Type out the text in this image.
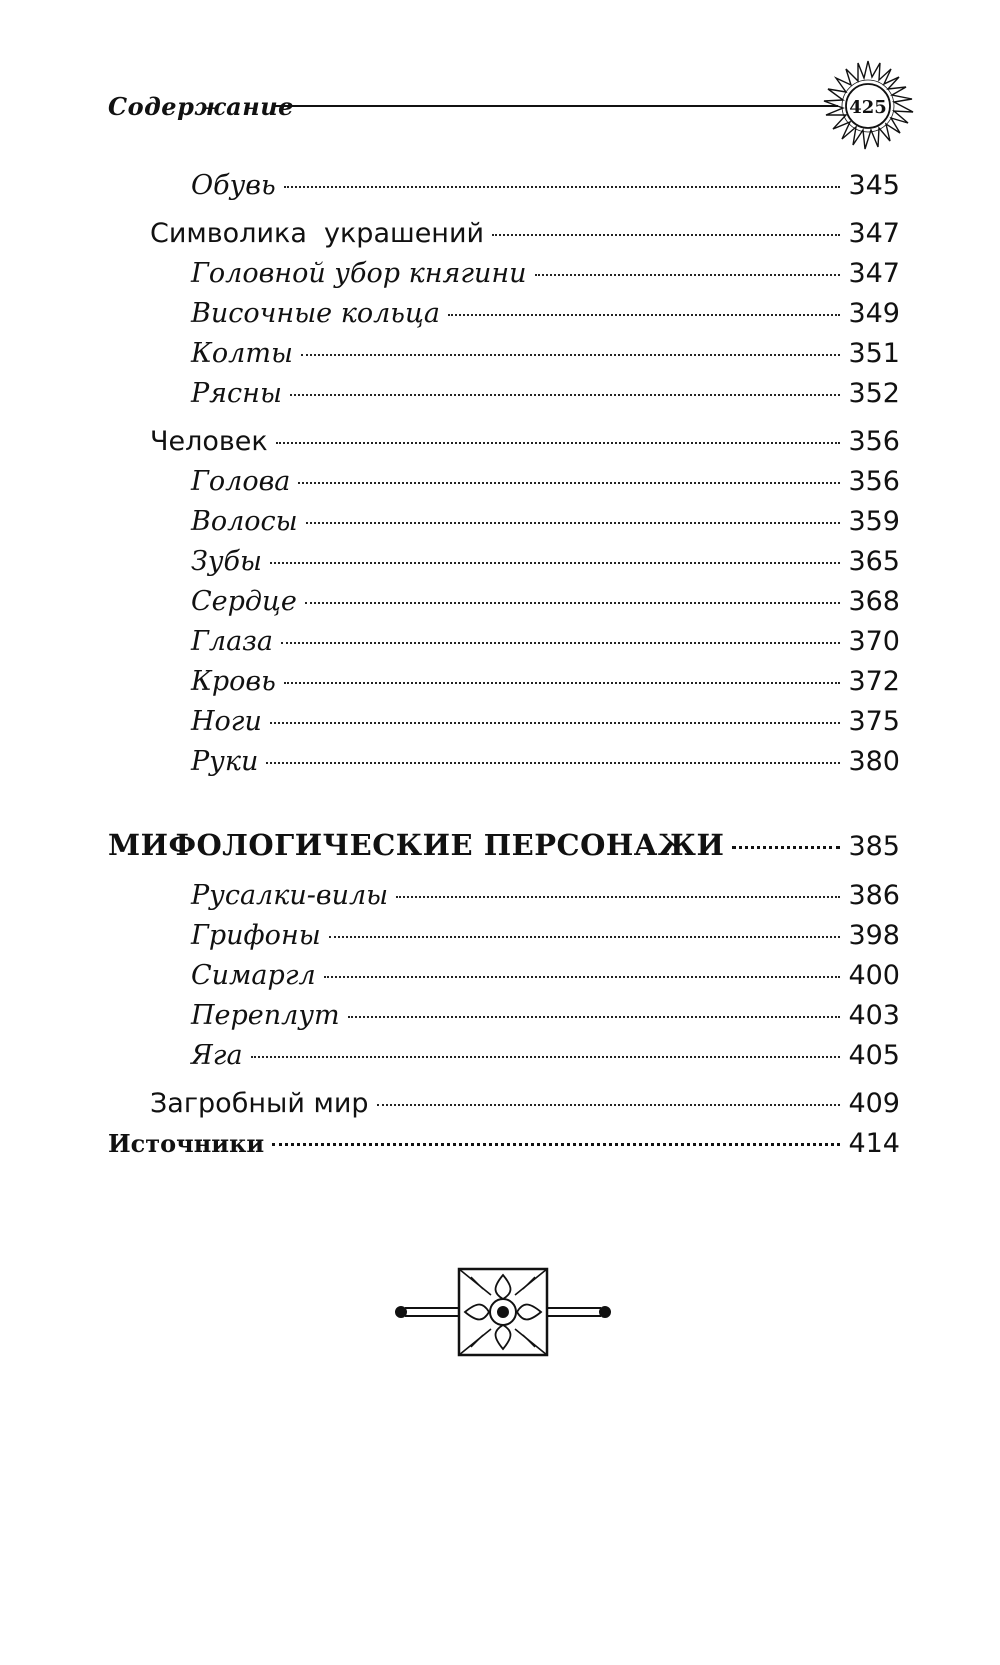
Содержание	425
Обувь	345
Символика  украшений	347
Головной убор княгини	347
Височные кольца	349
Колты	351
Рясны	352
Человек	356
Голова	356
Волосы	359
Зубы	365
Сердце	368
Глаза	370
Кровь	372
Ноги	375
Руки	380
МИФОЛОГИЧЕСКИЕ ПЕРСОНАЖИ	385
Русалки-вилы	386
Грифоны	398
Симаргл	400
Переплут	403
Яга	405
Загробный мир	409
Источники	414
